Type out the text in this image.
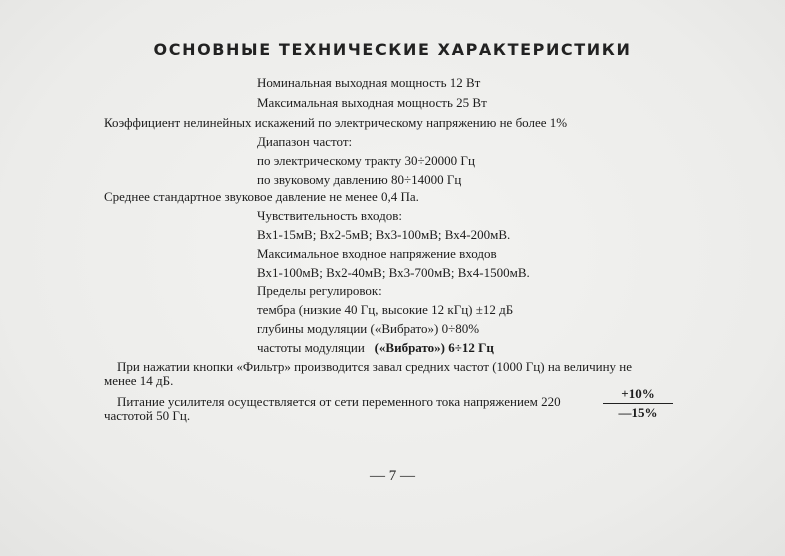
ОСНОВНЫЕ ТЕХНИЧЕСКИЕ ХАРАКТЕРИСТИКИ
Номинальная выходная мощность 12 Вт
Максимальная выходная мощность 25 Вт
Коэффициент нелинейных искажений по электрическому напряжению не более 1%
Диапазон частот:
по электрическому тракту 30÷20000 Гц
по звуковому давлению 80÷14000 Гц
Среднее стандартное звуковое давление не менее 0,4 Па.
Чувствительность входов:
Вх1-15мВ; Вх2-5мВ; Вх3-100мВ; Вх4-200мВ.
Максимальное входное напряжение входов
Вх1-100мВ; Вх2-40мВ; Вх3-700мВ; Вх4-1500мВ.
Пределы регулировок:
тембра (низкие 40 Гц, высокие 12 кГц) ±12 дБ
глубины модуляции («Вибрато») 0÷80%
частоты модуляции («Вибрато») 6÷12 Гц
При нажатии кнопки «Фильтр» производится завал средних частот (1000 Гц) на величину не
менее 14 дБ.
Питание усилителя осуществляется от сети переменного тока напряжением 220
частотой 50 Гц.	$\frac{+10\%}{—15\%}$
— 7 —
